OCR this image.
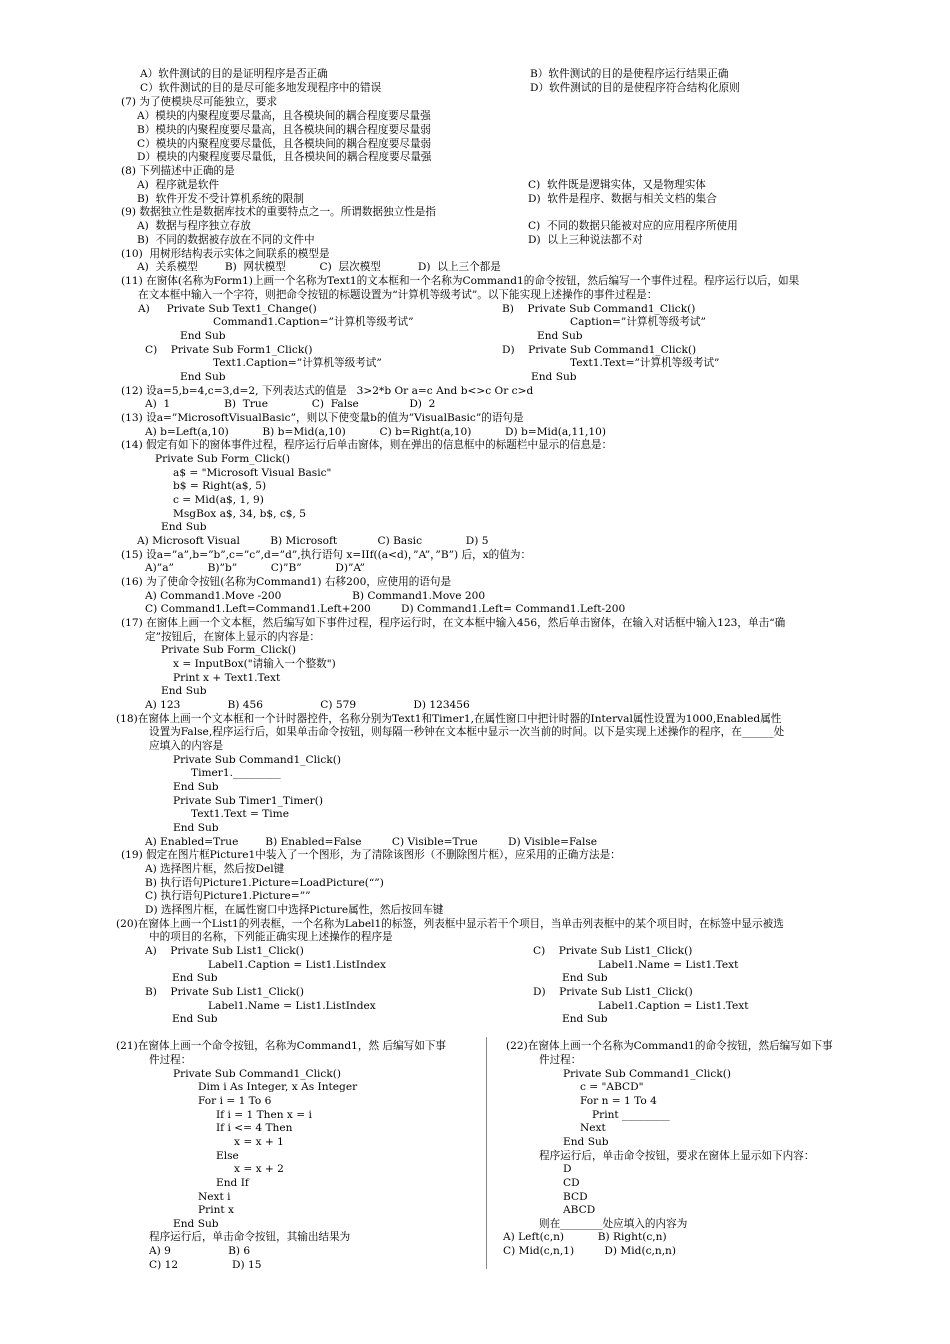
A）软件测试的目的是证明程序是否正确	B）软件测试的目的是使程序运行结果正确
C）软件测试的目的是尽可能多地发现程序中的错误	D）软件测试的目的是使程序符合结构化原则
(7) 为了使模块尽可能独立，要求
A）模块的内聚程度要尽量高，且各模块间的耦合程度要尽量强
B）模块的内聚程度要尽量高，且各模块间的耦合程度要尽量弱
C）模块的内聚程度要尽量低，且各模块间的耦合程度要尽量弱
D）模块的内聚程度要尽量低，且各模块间的耦合程度要尽量强
(8) 下列描述中正确的是
A)  程序就是软件	C)  软件既是逻辑实体，又是物理实体
B)  软件开发不受计算机系统的限制	D)  软件是程序、数据与相关文档的集合
(9) 数据独立性是数据库技术的重要特点之一。所谓数据独立性是指
A)  数据与程序独立存放	C)  不同的数据只能被对应的应用程序所使用
B)  不同的数据被存放在不同的文件中	D)  以上三种说法都不对
(10)  用树形结构表示实体之间联系的模型是
A)  关系模型        B)  网状模型          C)  层次模型           D)  以上三个都是
(11) 在窗体(名称为Form1)上画一个名称为Text1的文本框和一个名称为Command1的命令按钮，然后编写一个事件过程。程序运行以后，如果
在文本框中输入一个字符，则把命令按钮的标题设置为“计算机等级考试”。以下能实现上述操作的事件过程是：
A)     Private Sub Text1_Change()	B)    Private Sub Command1_Click()
Command1.Caption=”计算机等级考试”	Caption=”计算机等级考试”
End Sub	End Sub
C)    Private Sub Form1_Click()	D)    Private Sub Command1_Click()
Text1.Caption=”计算机等级考试”	Text1.Text=”计算机等级考试”
End Sub	End Sub
(12) 设a=5,b=4,c=3,d=2, 下列表达式的值是   3>2*b Or a=c And b<>c Or c>d
A)  1                B)  True             C)  False               D)  2
(13) 设a=”MicrosoftVisualBasic”，则以下使变量b的值为”VisualBasic”的语句是
A) b=Left(a,10)          B) b=Mid(a,10)          C) b=Right(a,10)          D) b=Mid(a,11,10)
(14) 假定有如下的窗体事件过程，程序运行后单击窗体，则在弹出的信息框中的标题栏中显示的信息是：
Private Sub Form_Click()
a$ = "Microsoft Visual Basic"
b$ = Right(a$, 5)
c = Mid(a$, 1, 9)
MsgBox a$, 34, b$, c$, 5
End Sub
A) Microsoft Visual         B) Microsoft            C) Basic             D) 5
(15) 设a=”a”,b=”b”,c=”c”,d=”d”,执行语句 x=IIf((a<d)，”A”，”B”) 后，x的值为：
A)”a”          B)”b”          C)”B”          D)”A”
(16) 为了使命令按钮(名称为Command1) 右移200，应使用的语句是
A) Command1.Move -200                     B) Command1.Move 200
C) Command1.Left=Command1.Left+200         D) Command1.Left= Command1.Left-200
(17) 在窗体上画一个文本框，然后编写如下事件过程，程序运行时，在文本框中输入456，然后单击窗体，在输入对话框中输入123，单击“确
定”按钮后，在窗体上显示的内容是：
Private Sub Form_Click()
x = InputBox("请输入一个整数")
Print x + Text1.Text
End Sub
A) 123              B) 456                 C) 579                 D) 123456
(18)在窗体上画一个文本框和一个计时器控件，名称分别为Text1和Timer1,在属性窗口中把计时器的Interval属性设置为1000,Enabled属性
设置为False,程序运行后，如果单击命令按钮，则每隔一秒钟在文本框中显示一次当前的时间。以下是实现上述操作的程序，在______处
应填入的内容是
Private Sub Command1_Click()
Timer1._________
End Sub
Private Sub Timer1_Timer()
Text1.Text = Time
End Sub
A) Enabled=True        B) Enabled=False         C) Visible=True         D) Visible=False
(19) 假定在图片框Picture1中装入了一个图形，为了清除该图形（不删除图片框），应采用的正确方法是：
A) 选择图片框，然后按Del键
B) 执行语句Picture1.Picture=LoadPicture(“”)
C) 执行语句Picture1.Picture=””
D) 选择图片框，在属性窗口中选择Picture属性，然后按回车键
(20)在窗体上画一个List1的列表框，一个名称为Label1的标签，列表框中显示若干个项目，当单击列表框中的某个项目时，在标签中显示被选
中的项目的名称，下列能正确实现上述操作的程序是
A)    Private Sub List1_Click()	C)    Private Sub List1_Click()
Label1.Caption = List1.ListIndex	Label1.Name = List1.Text
End Sub	End Sub
B)    Private Sub List1_Click()	D)    Private Sub List1_Click()
Label1.Name = List1.ListIndex	Label1.Caption = List1.Text
End Sub	End Sub
(21)在窗体上画一个命令按钮，名称为Command1，然 后编写如下事
件过程：
Private Sub Command1_Click()
Dim i As Integer, x As Integer
For i = 1 To 6
If i = 1 Then x = i
If i <= 4 Then
x = x + 1
Else
x = x + 2
End If
Next i
Print x
End Sub
程序运行后，单击命令按钮，其输出结果为
A) 9                 B) 6
C) 12                D) 15
(22)在窗体上画一个名称为Command1的命令按钮，然后编写如下事
件过程：
Private Sub Command1_Click()
c = "ABCD"
For n = 1 To 4
Print _________
Next
End Sub
程序运行后，单击命令按钮，要求在窗体上显示如下内容：
D
CD
BCD
ABCD
则在________处应填入的内容为
A) Left(c,n)          B) Right(c,n)
C) Mid(c,n,1)         D) Mid(c,n,n)
